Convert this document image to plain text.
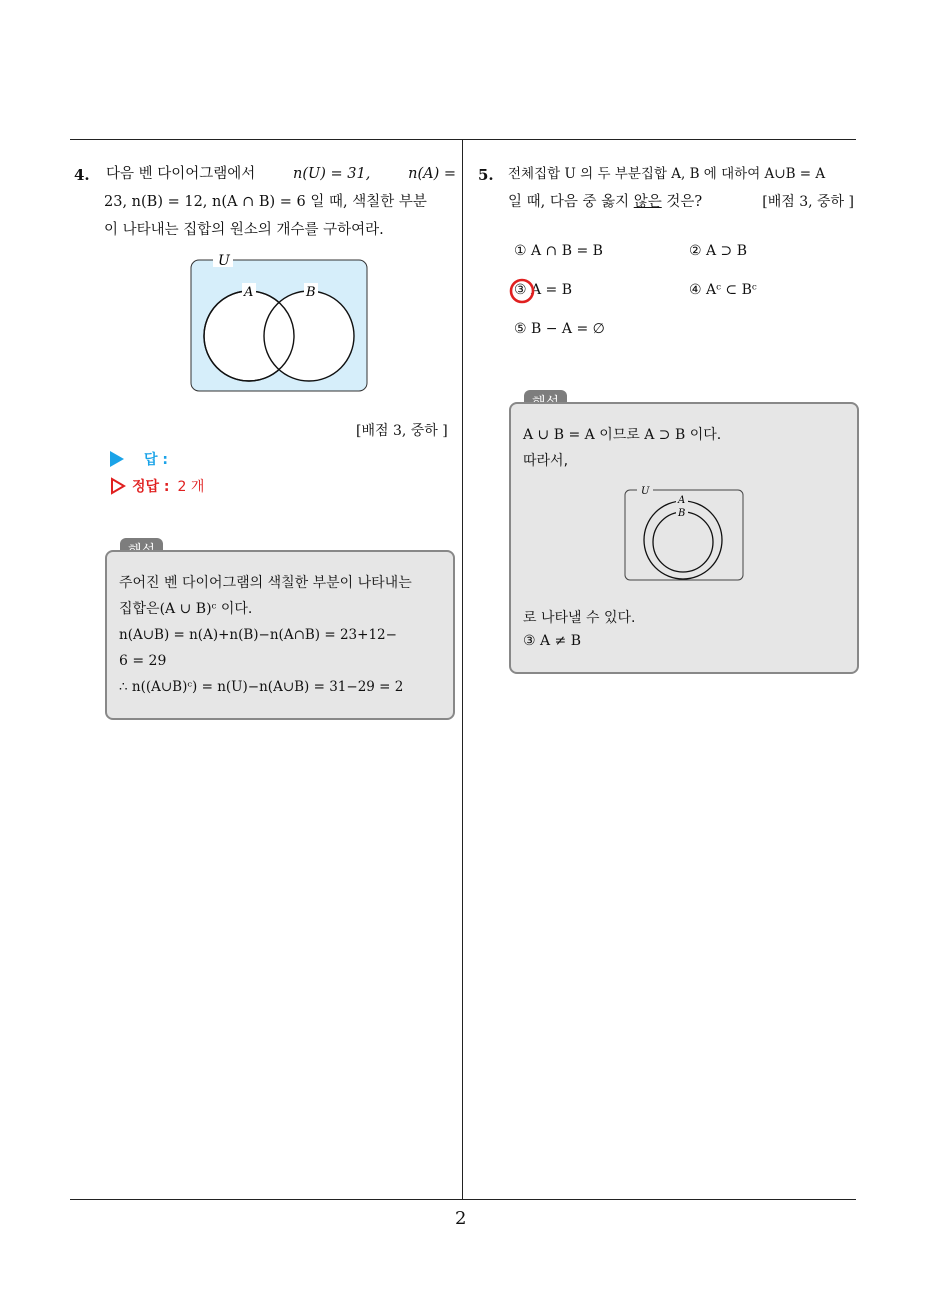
4. 다음 벤 다이어그램에서	n(U) = 31,	n(A) =
23, n(B) = 12, n(A ∩ B) = 6 일 때, 색칠한 부분
이 나타내는 집합의 원소의 개수를 구하여라.
U
A	B
[배점 3, 중하 ]
답 :
정답 : 2 개
주어진 벤 다이어그램의 색칠한 부분이 나타내는
집합은(A ∪ B)ᶜ 이다.
n(A∪B) = n(A)+n(B)−n(A∩B) = 23+12−
6 = 29
∴ n((A∪B)ᶜ) = n(U)−n(A∪B) = 31−29 = 2
5. 전체집합 U 의 두 부분집합 A, B 에 대하여 A∪B = A
일 때, 다음 중 옳지 않은 것은?	[배점 3, 중하 ]
① A ∩ B = B	② A ⊃ B
③ A = B	④ Aᶜ ⊂ Bᶜ
⑤ B − A = ∅
A ∪ B = A 이므로 A ⊃ B 이다.
따라서,
U
A
B
로 나타낼 수 있다.
③ A ≠ B
2
